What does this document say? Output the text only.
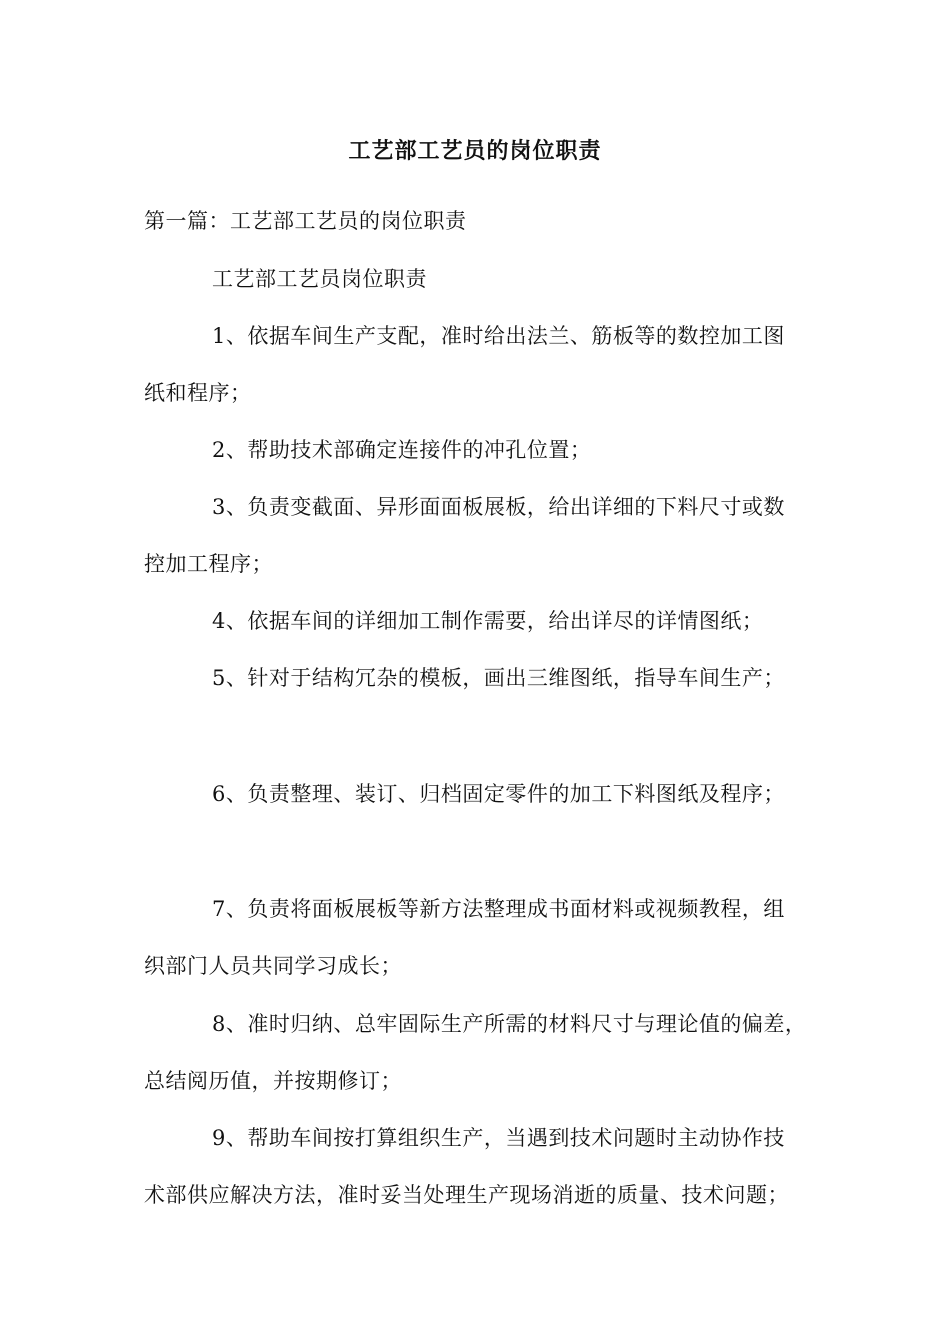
工艺部工艺员的岗位职责
第一篇：工艺部工艺员的岗位职责
工艺部工艺员岗位职责
1、依据车间生产支配，准时给出法兰、筋板等的数控加工图
纸和程序；
2、帮助技术部确定连接件的冲孔位置；
3、负责变截面、异形面面板展板，给出详细的下料尺寸或数
控加工程序；
4、依据车间的详细加工制作需要，给出详尽的详情图纸；
5、针对于结构冗杂的模板，画出三维图纸，指导车间生产；
6、负责整理、装订、归档固定零件的加工下料图纸及程序；
7、负责将面板展板等新方法整理成书面材料或视频教程，组
织部门人员共同学习成长；
8、准时归纳、总牢固际生产所需的材料尺寸与理论值的偏差，
总结阅历值，并按期修订；
9、帮助车间按打算组织生产，当遇到技术问题时主动协作技
术部供应解决方法，准时妥当处理生产现场消逝的质量、技术问题；
